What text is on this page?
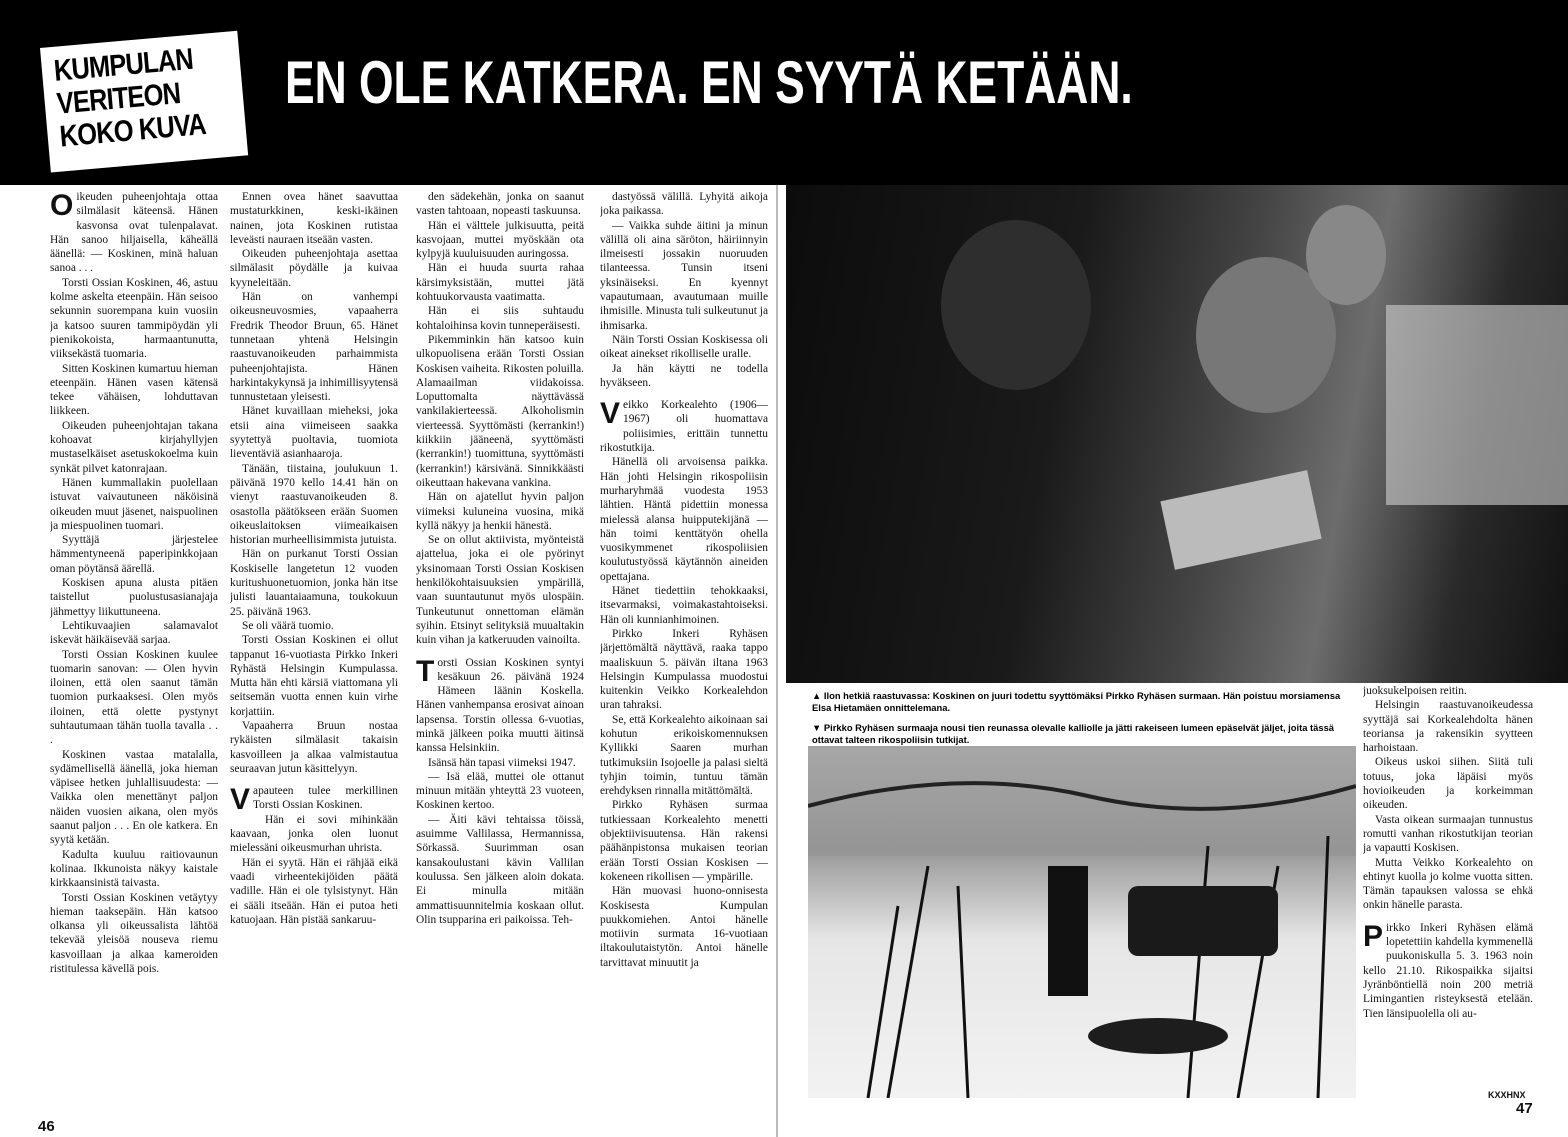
KUMPULAN
VERITEON
KOKO KUVA
EN OLE KATKERA. EN SYYTÄ KETÄÄN.

Oikeuden puheenjohtaja ottaa silmälasit käteensä. Hänen kasvonsa ovat tulenpalavat. Hän sanoo hiljaisella, käheällä äänellä: — Koskinen, minä haluan sanoa . . .

Torsti Ossian Koskinen, 46, astuu kolme askelta eteenpäin. Hän seisoo sekunnin suorempana kuin vuosiin ja katsoo suuren tammipöydän yli pienikokoista, harmaantunutta, viiksekästä tuomaria.

Sitten Koskinen kumartuu hieman eteenpäin. Hänen vasen kätensä tekee vähäisen, lohduttavan liikkeen.

Oikeuden puheenjohtajan takana kohoavat kirjahyllyjen mustaselkäiset asetuskokoelma kuin synkät pilvet katonrajaan.

Hänen kummallakin puolellaan istuvat vaivautuneen näköisinä oikeuden muut jäsenet, naispuolinen ja miespuolinen tuomari.

Syyttäjä järjestelee hämmentyneenä paperipinkkojaan oman pöytänsä äärellä.

Koskisen apuna alusta pitäen taistellut puolustusasianajaja jähmettyy liikuttuneena.

Lehtikuvaajien salamavalot iskevät häikäisevää sarjaa.

Torsti Ossian Koskinen kuulee tuomarin sanovan: — Olen hyvin iloinen, että olen saanut tämän tuomion purkaaksesi. Olen myös iloinen, että olette pystynyt suhtautumaan tähän tuolla tavalla . . .

Koskinen vastaa matalalla, sydämellisellä äänellä, joka hieman väpisee hetken juhlallisuudesta: — Vaikka olen menettänyt paljon näiden vuosien aikana, olen myös saanut paljon . . . En ole katkera. En syytä ketään.

Kadulta kuuluu raitiovaunun kolinaa. Ikkunoista näkyy kaistale kirkkaansinistä taivasta.

Torsti Ossian Koskinen vetäytyy hieman taaksepäin. Hän katsoo olkansa yli oikeussalista lähtöä tekevää yleisöä nouseva riemu kasvoillaan ja alkaa kameroiden ristitulessa kävellä pois.

Ennen ovea hänet saavuttaa mustaturkkinen, keski-ikäinen nainen, jota Koskinen rutistaa leveästi nauraen itseään vasten.

Oikeuden puheenjohtaja asettaa silmälasit pöydälle ja kuivaa kyyneleitään.

Hän on vanhempi oikeusneuvosmies, vapaaherra Fredrik Theodor Bruun, 65. Hänet tunnetaan yhtenä Helsingin raastuvanoikeuden parhaimmista puheenjohtajista. Hänen harkintakykynsä ja inhimillisyytensä tunnustetaan yleisesti.

Hänet kuvaillaan mieheksi, joka etsii aina viimeiseen saakka syytettyä puoltavia, tuomiota lieventäviä asianhaaroja.

Tänään, tiistaina, joulukuun 1. päivänä 1970 kello 14.41 hän on vienyt raastuvanoikeuden 8. osastolla päätökseen erään Suomen oikeuslaitoksen viimeaikaisen historian murheellisimmista jutuista.

Hän on purkanut Torsti Ossian Koskiselle langetetun 12 vuoden kuritushuonetuomion, jonka hän itse julisti lauantaiaamuna, toukokuun 25. päivänä 1963.

Se oli väärä tuomio.

Torsti Ossian Koskinen ei ollut tappanut 16-vuotiasta Pirkko Inkeri Ryhästä Helsingin Kumpulassa. Mutta hän ehti kärsiä viattomana yli seitsemän vuotta ennen kuin virhe korjattiin.

Vapaaherra Bruun nostaa rykäisten silmälasit takaisin kasvoilleen ja alkaa valmistautua seuraavan jutun käsittelyyn.

Vapauteen tulee merkillinen Torsti Ossian Koskinen.

Hän ei sovi mihinkään kaavaan, jonka olen luonut mielessäni oikeusmurhan uhrista.

Hän ei syytä. Hän ei rähjää eikä vaadi virheentekijöiden päätä vadille. Hän ei ole tylsistynyt. Hän ei sääli itseään. Hän ei putoa heti katuojaan. Hän pistää sankaruu-

den sädekehän, jonka on saanut vasten tahtoaan, nopeasti taskuunsa.

Hän ei välttele julkisuutta, peitä kasvojaan, muttei myöskään ota kylpyjä kuuluisuuden auringossa.

Hän ei huuda suurta rahaa kärsimyksistään, muttei jätä kohtuukorvausta vaatimatta.

Hän ei siis suhtaudu kohtaloihinsa kovin tunneperäisesti.

Pikemminkin hän katsoo kuin ulkopuolisena erään Torsti Ossian Koskisen vaiheita. Rikosten poluilla. Alamaailman viidakoissa. Loputtomalta näyttävässä vankilakierteessä. Alkoholismin vierteessä. Syyttömästi (kerrankin!) kiikkiin jääneenä, syyttömästi (kerrankin!) tuomittuna, syyttömästi (kerrankin!) kärsivänä. Sinnikkäästi oikeuttaan hakevana vankina.

Hän on ajatellut hyvin paljon viimeksi kuluneina vuosina, mikä kyllä näkyy ja henkii hänestä.

Se on ollut aktiivista, myönteistä ajattelua, joka ei ole pyörinyt yksinomaan Torsti Ossian Koskisen henkilökohtaisuuksien ympärillä, vaan suuntautunut myös ulospäin. Tunkeutunut onnettoman elämän syihin. Etsinyt selityksiä muualtakin kuin vihan ja katkeruuden vainoilta.

Torsti Ossian Koskinen syntyi kesäkuun 26. päivänä 1924 Hämeen läänin Koskella. Hänen vanhempansa erosivat ainoan lapsensa. Torstin ollessa 6-vuotias, minkä jälkeen poika muutti äitinsä kanssa Helsinkiin.

Isänsä hän tapasi viimeksi 1947.

— Isä elää, muttei ole ottanut minuun mitään yhteyttä 23 vuoteen, Koskinen kertoo.

— Äiti kävi tehtaissa töissä, asuimme Vallilassa, Hermannissa, Sörkassä. Suurimman osan kansakoulustani kävin Vallilan koulussa. Sen jälkeen aloin dokata. Ei minulla mitään ammattisuunnitelmia koskaan ollut. Olin tsupparina eri paikoissa. Teh-

dastyössä välillä. Lyhyitä aikoja joka paikassa.

— Vaikka suhde äitini ja minun välillä oli aina säröton, häiriinnyin ilmeisesti jossakin nuoruuden tilanteessa. Tunsin itseni yksinäiseksi. En kyennyt vapautumaan, avautumaan muille ihmisille. Minusta tuli sulkeutunut ja ihmisarka.

Näin Torsti Ossian Koskisessa oli oikeat ainekset rikolliselle uralle.

Ja hän käytti ne todella hyväkseen.

Veikko Korkealehto (1906—1967) oli huomattava poliisimies, erittäin tunnettu rikostutkija.

Hänellä oli arvoisensa paikka. Hän johti Helsingin rikospoliisin murharyhmää vuodesta 1953 lähtien. Häntä pidettiin monessa mielessä alansa huipputekijänä — hän toimi kenttätyön ohella vuosikymmenet rikospoliisien koulutustyössä käytännön aineiden opettajana.

Hänet tiedettiin tehokkaaksi, itsevarmaksi, voimakastahtoiseksi. Hän oli kunnianhimoinen.

Pirkko Inkeri Ryhäsen järjettömältä näyttävä, raaka tappo maaliskuun 5. päivän iltana 1963 Helsingin Kumpulassa muodostui kuitenkin Veikko Korkealehdon uran tahraksi.

Se, että Korkealehto aikoinaan sai kohutun erikoiskomennuksen Kyllikki Saaren murhan tutkimuksiin Isojoelle ja palasi sieltä tyhjin toimin, tuntuu tämän erehdyksen rinnalla mitättömältä.

Pirkko Ryhäsen surmaa tutkiessaan Korkealehto menetti objektiivisuutensa. Hän rakensi päähänpistonsa mukaisen teorian erään Torsti Ossian Koskisen — kokeneen rikollisen — ympärille.

Hän muovasi huono-onnisesta Koskisesta Kumpulan puukkomiehen. Antoi hänelle motiivin surmata 16-vuotiaan iltakoulutaistytön. Antoi hänelle tarvittavat minuutit ja

▲ Ilon hetkiä raastuvassa: Koskinen on juuri todettu syyttömäksi Pirkko Ryhäsen surmaan. Hän poistuu morsiamensa Elsa Hietamäen onnittelemana.
▼ Pirkko Ryhäsen surmaaja nousi tien reunassa olevalle kalliolle ja jätti rakeiseen lumeen epäselvät jäljet, joita tässä ottavat talteen rikospoliisin tutkijat.

juoksukelpoisen reitin.

Helsingin raastuvanoikeudessa syyttäjä sai Korkealehdolta hänen teoriansa ja rakensikin syytteen harhoistaan.

Oikeus uskoi siihen. Siitä tuli totuus, joka läpäisi myös hovioikeuden ja korkeimman oikeuden.

Vasta oikean surmaajan tunnustus romutti vanhan rikostutkijan teorian ja vapautti Koskisen.

Mutta Veikko Korkealehto on ehtinyt kuolla jo kolme vuotta sitten. Tämän tapauksen valossa se ehkä onkin hänelle parasta.

Pirkko Inkeri Ryhäsen elämä lopetettiin kahdella kymmenellä puukoniskulla 5. 3. 1963 noin kello 21.10. Rikospaikka sijaitsi Jyränböntiellä noin 200 metriä Limingantien risteyksestä etelään. Tien länsipuolella oli au-

KXXHNX
46
47
